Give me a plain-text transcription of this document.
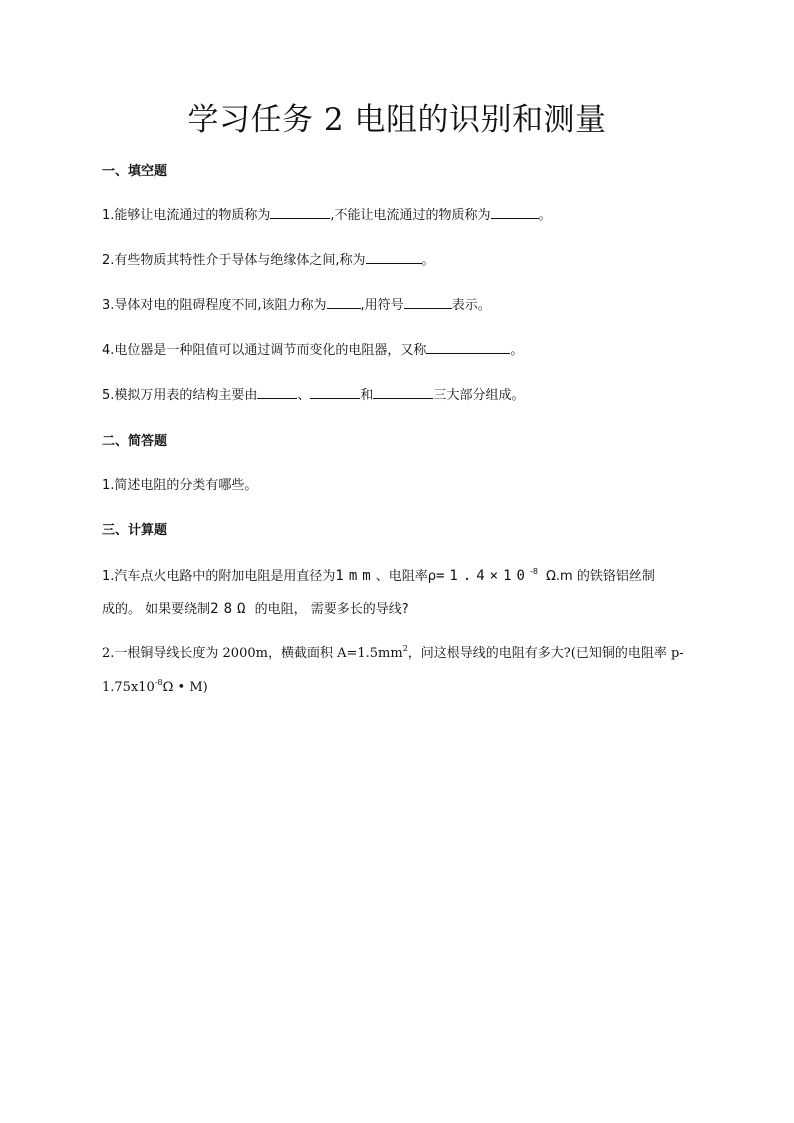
学习任务 2 电阻的识别和测量
一、填空题
1.能够让电流通过的物质称为	,不能让电流通过的物质称为	。
2.有些物质其特性介于导体与绝缘体之间,称为	。
3.导体对电的阻碍程度不同,该阻力称为	,用符号	表示。
4.电位器是一种阻值可以通过调节而变化的电阻器，又称	。
5.模拟万用表的结构主要由	、	和	三大部分组成。
二、简答题
1.简述电阻的分类有哪些。
三、计算题
1.汽车点火电路中的附加电阻是用直径为1mm、电阻率$\rho=1.4\times 10^{-8}$ Ω.m 的铁铬铝丝制
成的。 如果要绕制28Ω 的电阻， 需要多长的导线?
2.一根铜导线长度为 2000m，横截面积 $A=1.5mm^2$，问这根导线的电阻有多大?(已知铜的电阻率 p-
$1.75x10^{-8}\Omega$ • M)
